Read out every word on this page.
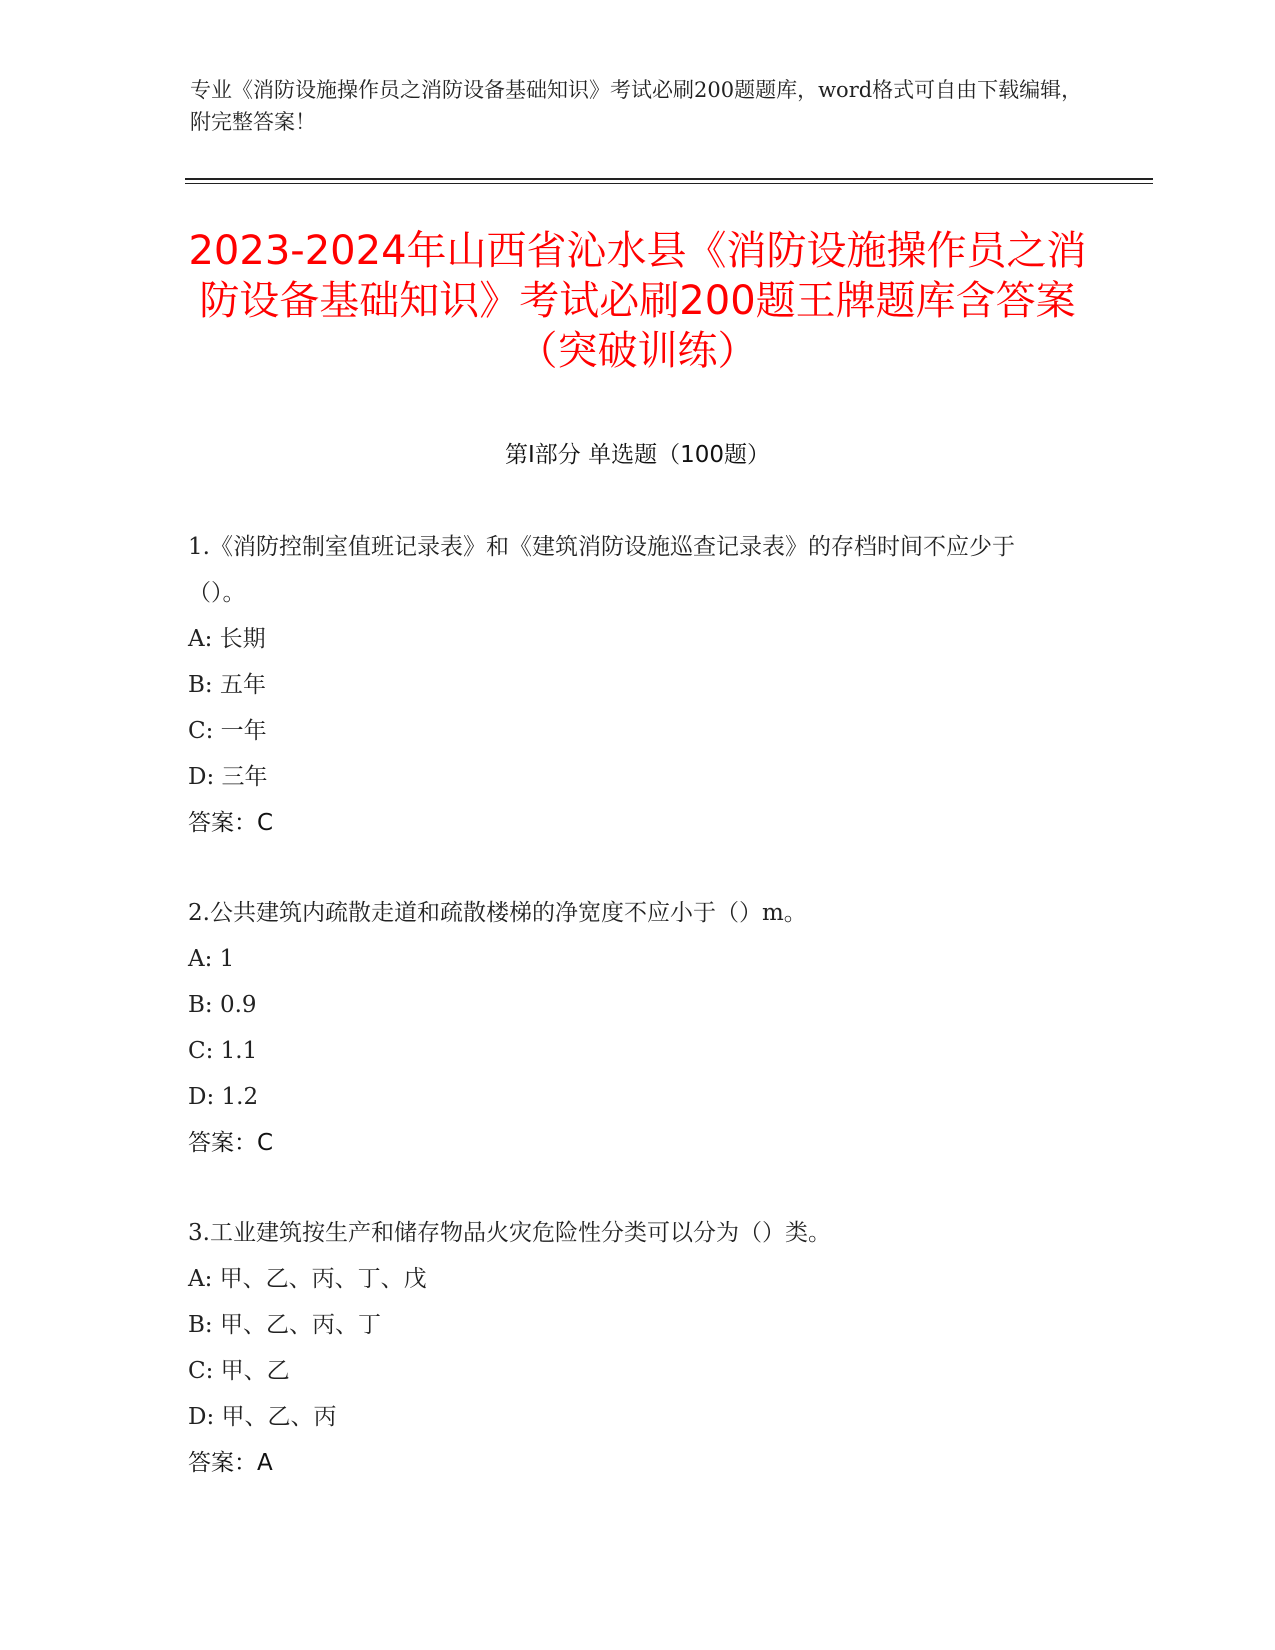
专业《消防设施操作员之消防设备基础知识》考试必刷200题题库，word格式可自由下载编辑，附完整答案！
2023-2024年山西省沁水县《消防设施操作员之消防设备基础知识》考试必刷200题王牌题库含答案（突破训练）
第Ⅰ部分 单选题（100题）

1.《消防控制室值班记录表》和《建筑消防设施巡查记录表》的存档时间不应少于（）。

A: 长期

B: 五年

C: 一年

D: 三年

答案：C

2.公共建筑内疏散走道和疏散楼梯的净宽度不应小于（）m。

A: 1

B: 0.9

C: 1.1

D: 1.2

答案：C

3.工业建筑按生产和储存物品火灾危险性分类可以分为（）类。

A: 甲、乙、丙、丁、戊

B: 甲、乙、丙、丁

C: 甲、乙

D: 甲、乙、丙

答案：A
